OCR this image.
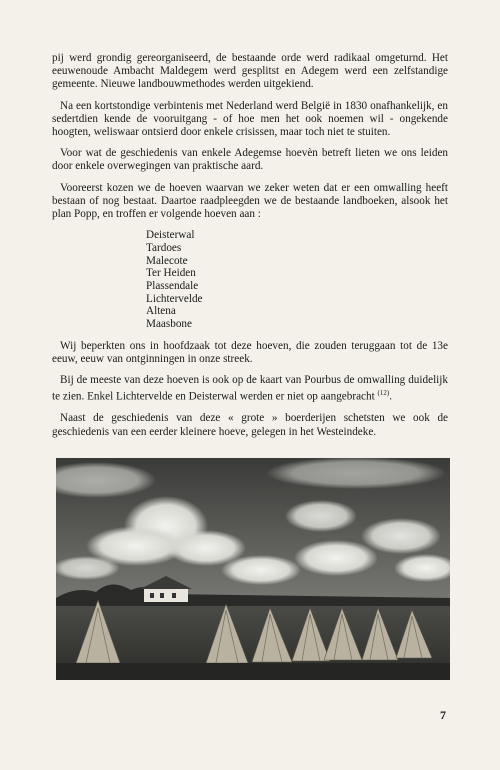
pij werd grondig gereorganiseerd, de bestaande orde werd radikaal omgeturnd. Het eeuwenoude Ambacht Maldegem werd gesplitst en Adegem werd een zelfstandige gemeente. Nieuwe landbouwmethodes werden uitgekiend.

Na een kortstondige verbintenis met Nederland werd België in 1830 onafhankelijk, en sedertdien kende de vooruitgang - of hoe men het ook noemen wil - ongekende hoogten, weliswaar ontsierd door enkele crisissen, maar toch niet te stuiten.

Voor wat de geschiedenis van enkele Adegemse hoevèn betreft lieten we ons leiden door enkele overwegingen van praktische aard.

Vooreerst kozen we de hoeven waarvan we zeker weten dat er een omwalling heeft bestaan of nog bestaat. Daartoe raadpleegden we de bestaande landboeken, alsook het plan Popp, en troffen er volgende hoeven aan :

Deisterwal
Tardoes
Malecote
Ter Heiden
Plassendale
Lichtervelde
Altena
Maasbone

Wij beperkten ons in hoofdzaak tot deze hoeven, die zouden teruggaan tot de 13e eeuw, eeuw van ontginningen in onze streek.

Bij de meeste van deze hoeven is ook op de kaart van Pourbus de omwalling duidelijk te zien. Enkel Lichtervelde en Deisterwal werden er niet op aangebracht $^{(12)}$.

Naast de geschiedenis van deze « grote » boerderijen schetsten we ook de geschiedenis van een eerder kleinere hoeve, gelegen in het Westeindeke.

7
